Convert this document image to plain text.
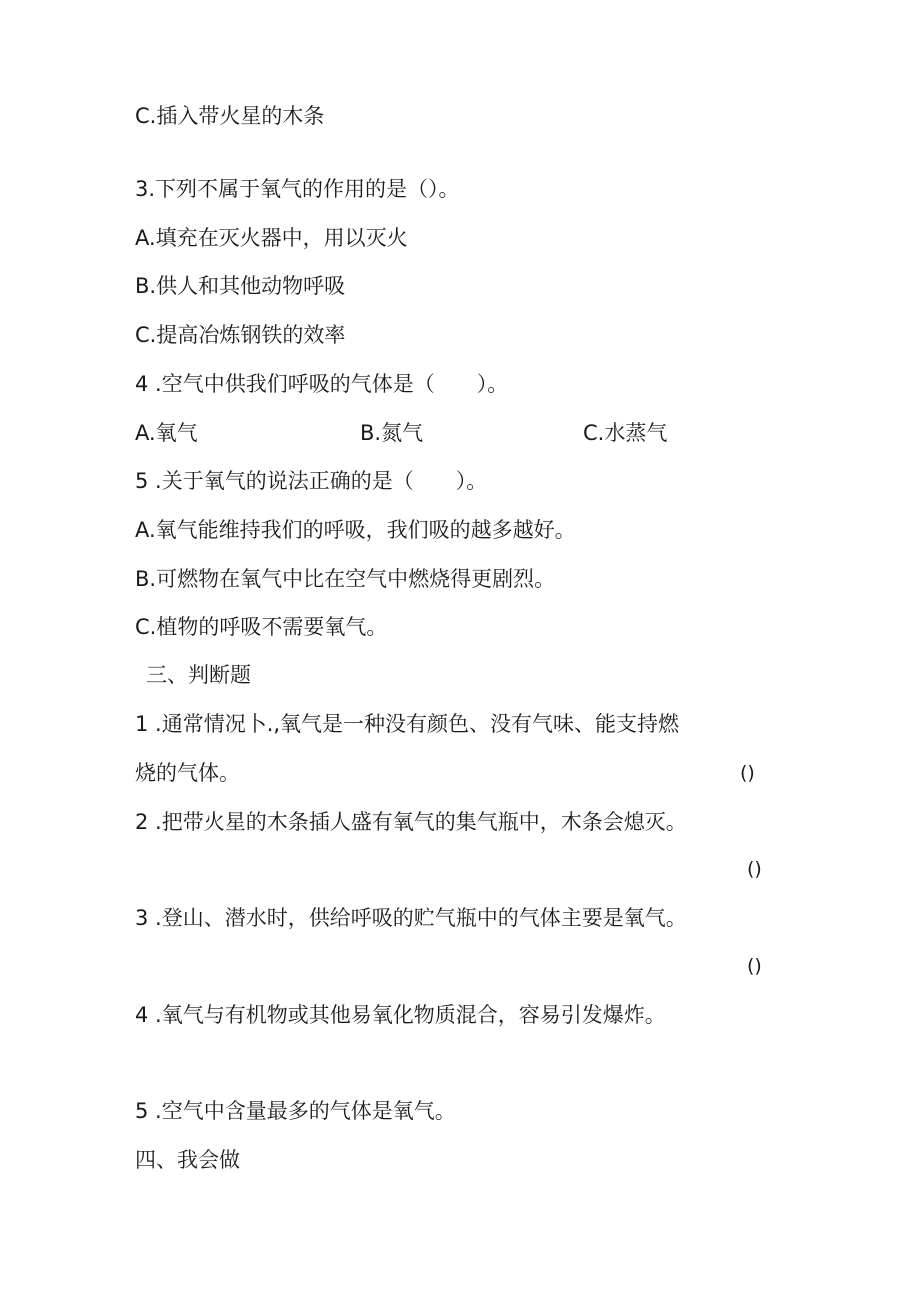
C.插入带火星的木条
3.下列不属于氧气的作用的是（）。
A.填充在灭火器中，用以灭火
B.供人和其他动物呼吸
C.提高冶炼钢铁的效率
4 .空气中供我们呼吸的气体是（　　）。
A.氧气	B.氮气	C.水蒸气
5 .关于氧气的说法正确的是（　　）。
A.氧气能维持我们的呼吸，我们吸的越多越好。
B.可燃物在氧气中比在空气中燃烧得更剧烈。
C.植物的呼吸不需要氧气。
三、判断题
1 .通常情况卜.,氧气是一种没有颜色、没有气味、能支持燃
烧的气体。	()
2 .把带火星的木条插人盛有氧气的集气瓶中，木条会熄灭。
()
3 .登山、潜水时，供给呼吸的贮气瓶中的气体主要是氧气。
()
4 .氧气与有机物或其他易氧化物质混合，容易引发爆炸。
5 .空气中含量最多的气体是氧气。
四、我会做
